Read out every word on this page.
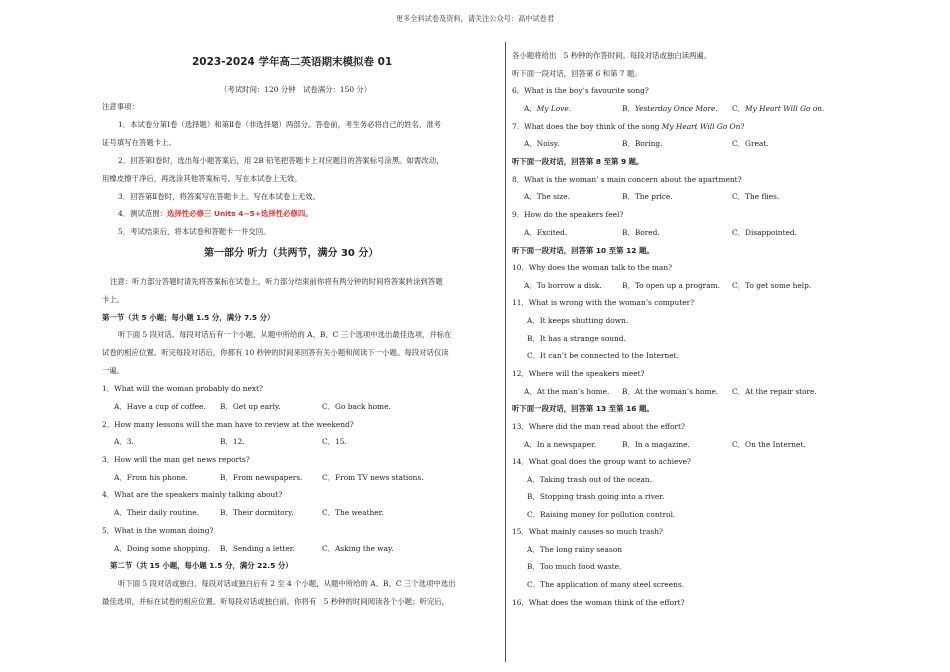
更多全科试卷及资料，请关注公众号：高中试卷君
2023-2024 学年高二英语期末模拟卷 01
（考试时间：120 分钟　试卷满分：150 分）
注意事项：
1．本试卷分第Ⅰ卷（选择题）和第Ⅱ卷（非选择题）两部分。答卷前，考生务必将自己的姓名、准考
证号填写在答题卡上。
2．回答第Ⅰ卷时，选出每小题答案后，用 2B 铅笔把答题卡上对应题目的答案标号涂黑。如需改动，
用橡皮擦干净后，再选涂其他答案标号。写在本试卷上无效。
3．回答第Ⅱ卷时，将答案写在答题卡上。写在本试卷上无效。
4．测试范围：选择性必修三 Units 4~5+选择性必修四。
5．考试结束后，将本试卷和答题卡一并交回。
第一部分 听力（共两节，满分 30 分）
注意：听力部分答题时请先将答案标在试卷上，听力部分结束前你将有两分钟的时间将答案转涂到答题
卡上。
第一节（共 5 小题；每小题 1.5 分，满分 7.5 分）
听下面 5 段对话。每段对话后有一个小题，从题中所给的 A、B、C 三个选项中选出最佳选项，并标在
试卷的相应位置。听完每段对话后，你都有 10 秒钟的时间来回答有关小题和阅读下一小题。每段对话仅读
一遍。
1．What will the woman probably do next?
A．Have a cup of coffee. B．Get up early.	C．Go back home.
2．How many lessons will the man have to review at the weekend?
A．3.	B．12.	C．15.
3．How will the man get news reports?
A．From his phone.	B．From newspapers.	C．From TV news stations.
4．What are the speakers mainly talking about?
A．Their daily routine.	B．Their dormitory.	C．The weather.
5．What is the woman doing?
A．Doing some shopping. B．Sending a letter.	C．Asking the way.
第二节（共 15 小题，每小题 1.5 分，满分 22.5 分）
听下面 5 段对话或独白。每段对话或独白后有 2 至 4 个小题，从题中所给的 A、B、C 三个选项中选出
最佳选项，并标在试卷的相应位置。听每段对话或独白前，你将有　5 秒钟的时间阅读各个小题；听完后，
各小题将给出　5 秒钟的作答时间。每段对话或独白读两遍。
听下面一段对话，回答第 6 和第 7 题。
6．What is the boy’s favourite song?
A．My Love.	B．Yesterday Once More. C．My Heart Will Go on.
7．What does the boy think of the song My Heart Will Go On?
A．Noisy.	B．Boring.	C．Great.
听下面一段对话，回答第 8 至第 9 题。
8．What is the woman’ s main concern about the apartment?
A．The size.	B．The price.	C．The flies.
9．How do the speakers feel?
A．Excited.	B．Bored.	C．Disappointed.
听下面一段对话，回答第 10 至第 12 题。
10．Why does the woman talk to the man?
A．To borrow a disk.	B．To open up a program. C．To get some help.
11．What is wrong with the woman’s computer?
A．It keeps shutting down.
B．It has a strange sound.
C．It can’t be connected to the Internet.
12．Where will the speakers meet?
A．At the man’s home. B．At the woman’s home. C．At the repair store.
听下面一段对话，回答第 13 至第 16 题。
13．Where did the man read about the effort?
A．In a newspaper.	B．In a magazine.	C．On the Internet.
14．What goal does the group want to achieve?
A．Taking trash out of the ocean.
B．Stopping trash going into a river.
C．Raising money for pollution control.
15．What mainly causes so much trash?
A．The long rainy season
B．Too much food waste.
C．The application of many steel screens.
16．What does the woman think of the effort?
